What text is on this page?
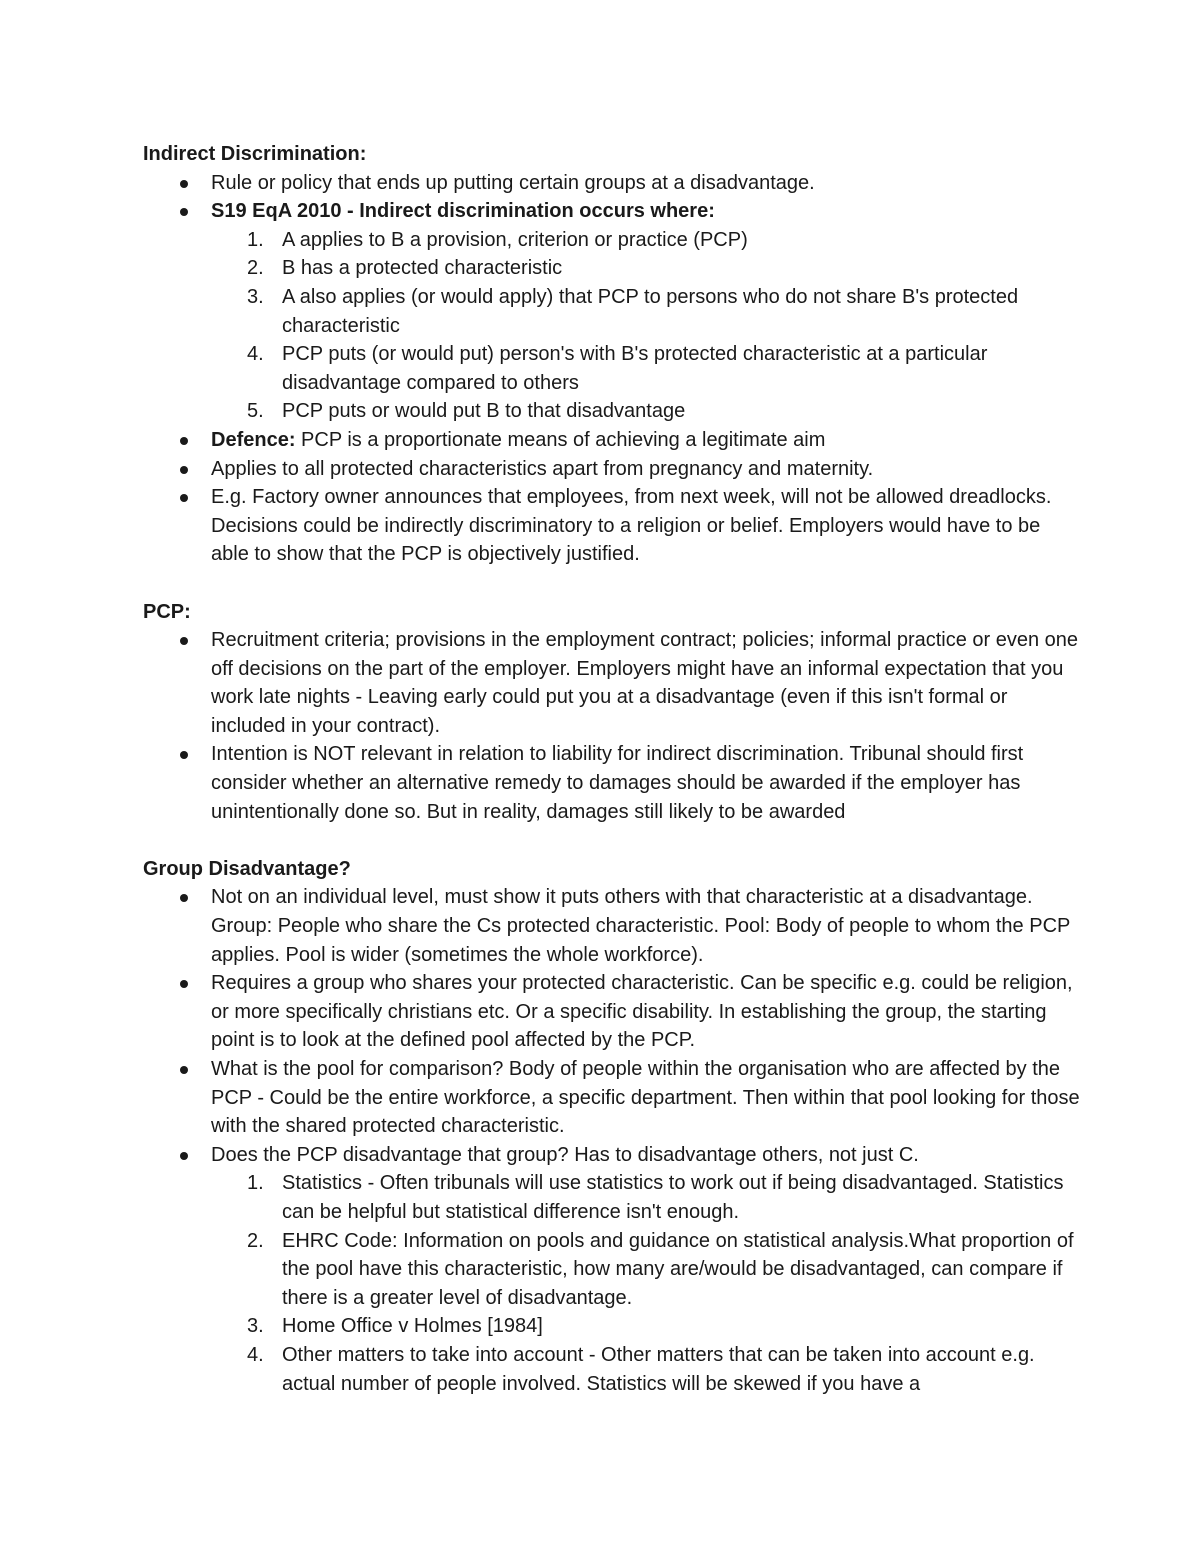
Indirect Discrimination:
Rule or policy that ends up putting certain groups at a disadvantage.
S19 EqA 2010 - Indirect discrimination occurs where:
1. A applies to B a provision, criterion or practice (PCP)
2. B has a protected characteristic
3. A also applies (or would apply) that PCP to persons who do not share B's protected characteristic
4. PCP puts (or would put) person's with B's protected characteristic at a particular disadvantage compared to others
5. PCP puts or would put B to that disadvantage
Defence: PCP is a proportionate means of achieving a legitimate aim
Applies to all protected characteristics apart from pregnancy and maternity.
E.g. Factory owner announces that employees, from next week, will not be allowed dreadlocks. Decisions could be indirectly discriminatory to a religion or belief. Employers would have to be able to show that the PCP is objectively justified.
PCP:
Recruitment criteria; provisions in the employment contract; policies; informal practice or even one off decisions on the part of the employer. Employers might have an informal expectation that you work late nights - Leaving early could put you at a disadvantage (even if this isn't formal or included in your contract).
Intention is NOT relevant in relation to liability for indirect discrimination. Tribunal should first consider whether an alternative remedy to damages should be awarded if the employer has unintentionally done so. But in reality, damages still likely to be awarded
Group Disadvantage?
Not on an individual level, must show it puts others with that characteristic at a disadvantage. Group: People who share the Cs protected characteristic. Pool: Body of people to whom the PCP applies. Pool is wider (sometimes the whole workforce).
Requires a group who shares your protected characteristic. Can be specific e.g. could be religion, or more specifically christians etc. Or a specific disability. In establishing the group, the starting point is to look at the defined pool affected by the PCP.
What is the pool for comparison? Body of people within the organisation who are affected by the PCP - Could be the entire workforce, a specific department. Then within that pool looking for those with the shared protected characteristic.
Does the PCP disadvantage that group? Has to disadvantage others, not just C.
1. Statistics - Often tribunals will use statistics to work out if being disadvantaged. Statistics can be helpful but statistical difference isn't enough.
2. EHRC Code: Information on pools and guidance on statistical analysis.What proportion of the pool have this characteristic, how many are/would be disadvantaged, can compare if there is a greater level of disadvantage.
3. Home Office v Holmes [1984]
4. Other matters to take into account - Other matters that can be taken into account e.g. actual number of people involved. Statistics will be skewed if you have a
